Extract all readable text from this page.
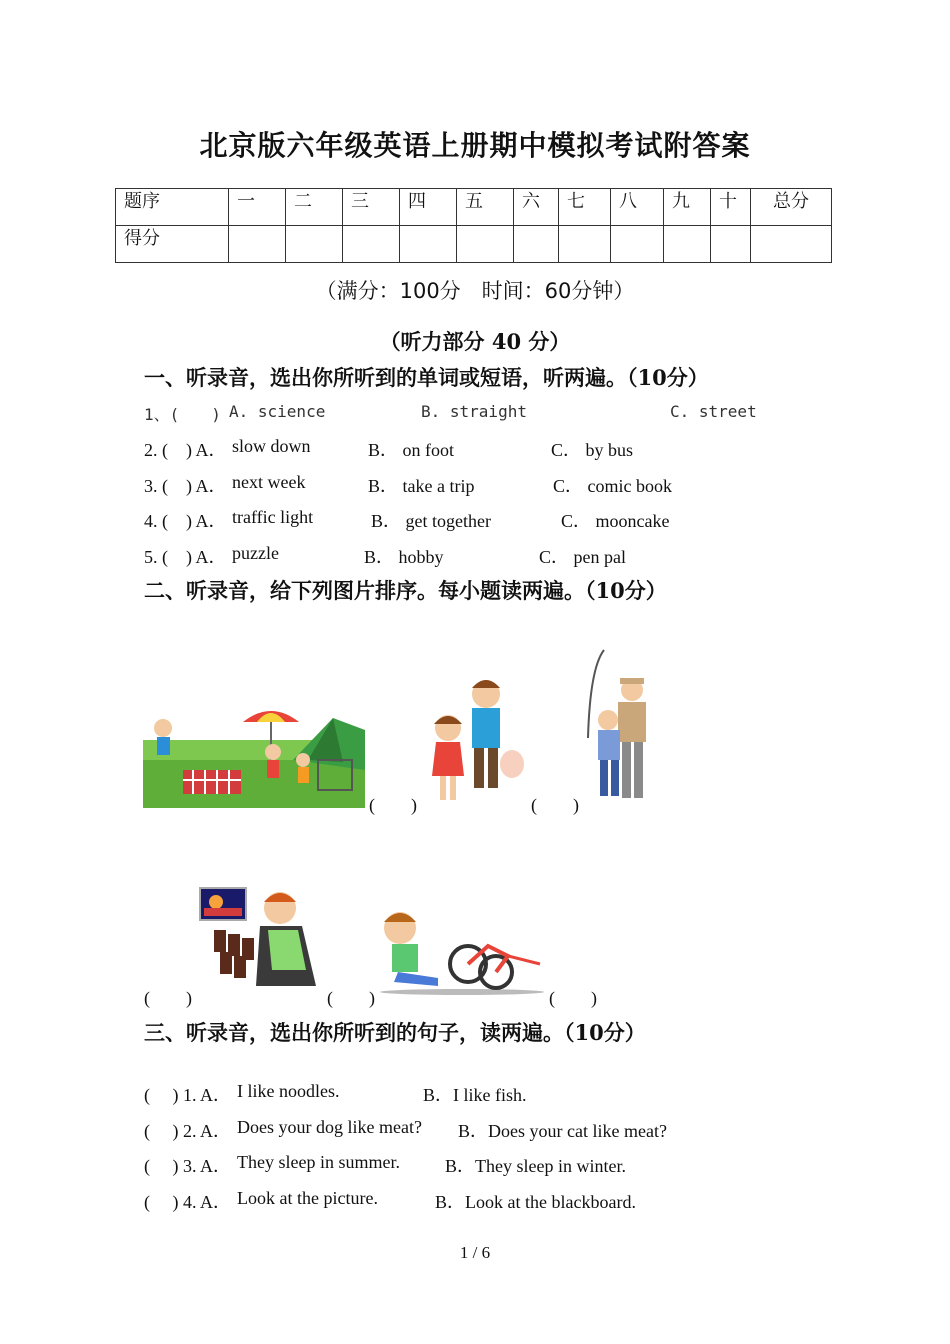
北京版六年级英语上册期中模拟考试附答案
题序	一	二	三	四	五	六	七	八	九	十	总分
得分											
（满分：100分　时间：60分钟）
（听力部分 40 分）
一、听录音，选出你所听到的单词或短语，听两遍。（10分）
1、(　　) A. science	B. straight	C. street
2. (　) A． slow down	B． on foot	C． by bus
3. (　) A． next week	B． take a trip	C． comic book
4. (　) A． traffic light	B． get together	C． mooncake
5. (　) A． puzzle	B． hobby	C． pen pal
二、听录音，给下列图片排序。每小题读两遍。（10分）
(　　)	(　　)
(　　)	(　　)	(　　)
三、听录音，选出你所听到的句子，读两遍。（10分）
(　 ) 1. A． I like noodles.	B．I like fish.
(　 ) 2. A． Does your dog like meat? B．Does your cat like meat?
(　 ) 3. A． They sleep in summer.	B．They sleep in winter.
(　 ) 4. A． Look at the picture.	B．Look at the blackboard.
1 / 6
